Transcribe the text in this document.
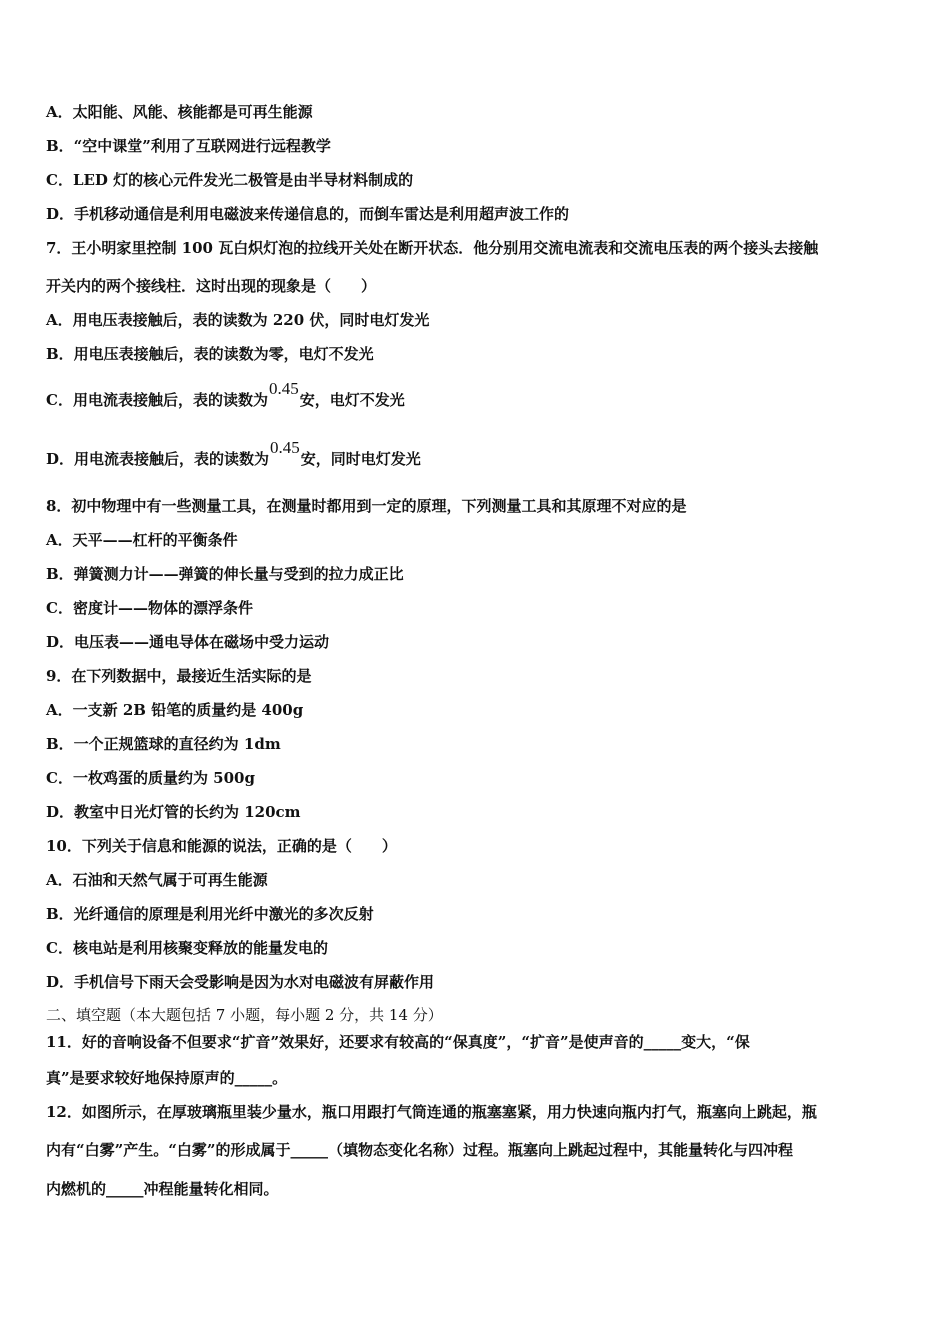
A．太阳能、风能、核能都是可再生能源
B．“空中课堂”利用了互联网进行远程教学
C．LED 灯的核心元件发光二极管是由半导材料制成的
D．手机移动通信是利用电磁波来传递信息的，而倒车雷达是利用超声波工作的
7．王小明家里控制 100 瓦白炽灯泡的拉线开关处在断开状态．他分别用交流电流表和交流电压表的两个接头去接触
开关内的两个接线柱．这时出现的现象是（　　）
A．用电压表接触后，表的读数为 220 伏，同时电灯发光
B．用电压表接触后，表的读数为零，电灯不发光
C．用电流表接触后，表的读数为0.45安，电灯不发光
D．用电流表接触后，表的读数为0.45安，同时电灯发光
8．初中物理中有一些测量工具，在测量时都用到一定的原理，下列测量工具和其原理不对应的是
A．天平——杠杆的平衡条件
B．弹簧测力计——弹簧的伸长量与受到的拉力成正比
C．密度计——物体的漂浮条件
D．电压表——通电导体在磁场中受力运动
9．在下列数据中，最接近生活实际的是
A．一支新 2B 铅笔的质量约是 400g
B．一个正规篮球的直径约为 1dm
C．一枚鸡蛋的质量约为 500g
D．教室中日光灯管的长约为 120cm
10．下列关于信息和能源的说法，正确的是（　　）
A．石油和天然气属于可再生能源
B．光纤通信的原理是利用光纤中激光的多次反射
C．核电站是利用核聚变释放的能量发电的
D．手机信号下雨天会受影响是因为水对电磁波有屏蔽作用
二、填空题（本大题包括 7 小题，每小题 2 分，共 14 分）
11．好的音响设备不但要求“扩音”效果好，还要求有较高的“保真度”，“扩音”是使声音的_____变大，“保
真”是要求较好地保持原声的_____。
12．如图所示，在厚玻璃瓶里装少量水，瓶口用跟打气筒连通的瓶塞塞紧，用力快速向瓶内打气，瓶塞向上跳起，瓶
内有“白雾”产生。“白雾”的形成属于_____（填物态变化名称）过程。瓶塞向上跳起过程中，其能量转化与四冲程
内燃机的_____冲程能量转化相同。
